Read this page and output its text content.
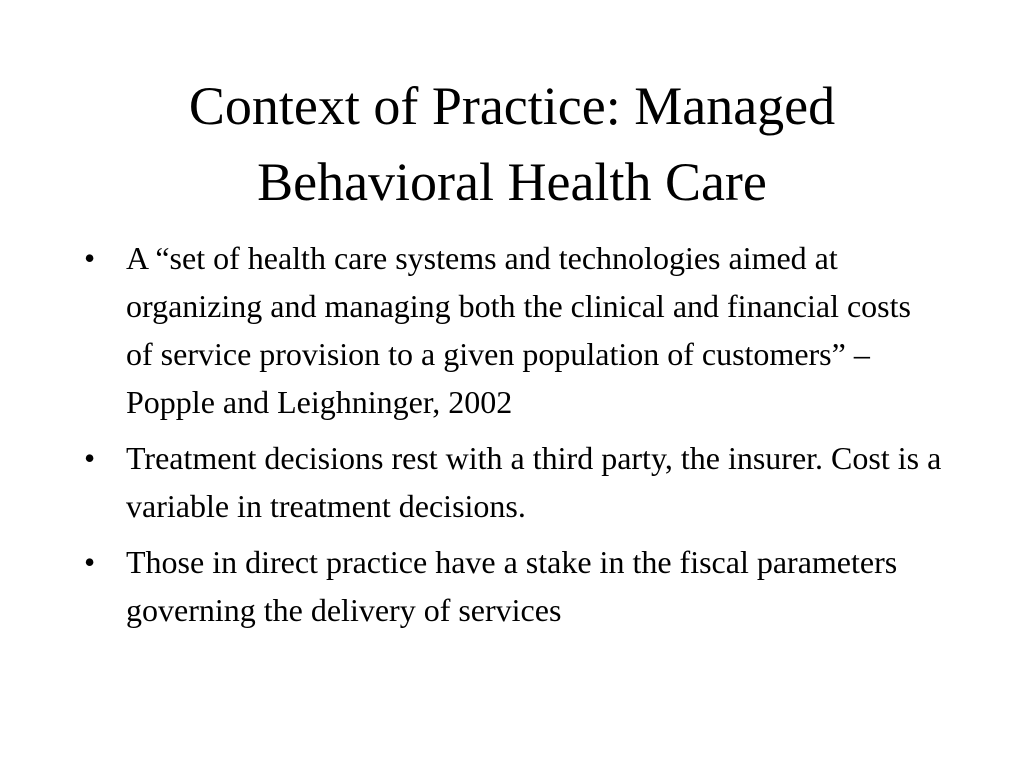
Context of Practice: Managed
Behavioral Health Care
• A “set of health care systems and technologies aimed at organizing and managing both the clinical and financial costs of service provision to a given population of customers” – Popple and Leighninger, 2002
• Treatment decisions rest with a third party, the insurer. Cost is a variable in treatment decisions.
• Those in direct practice have a stake in the fiscal parameters governing the delivery of services
